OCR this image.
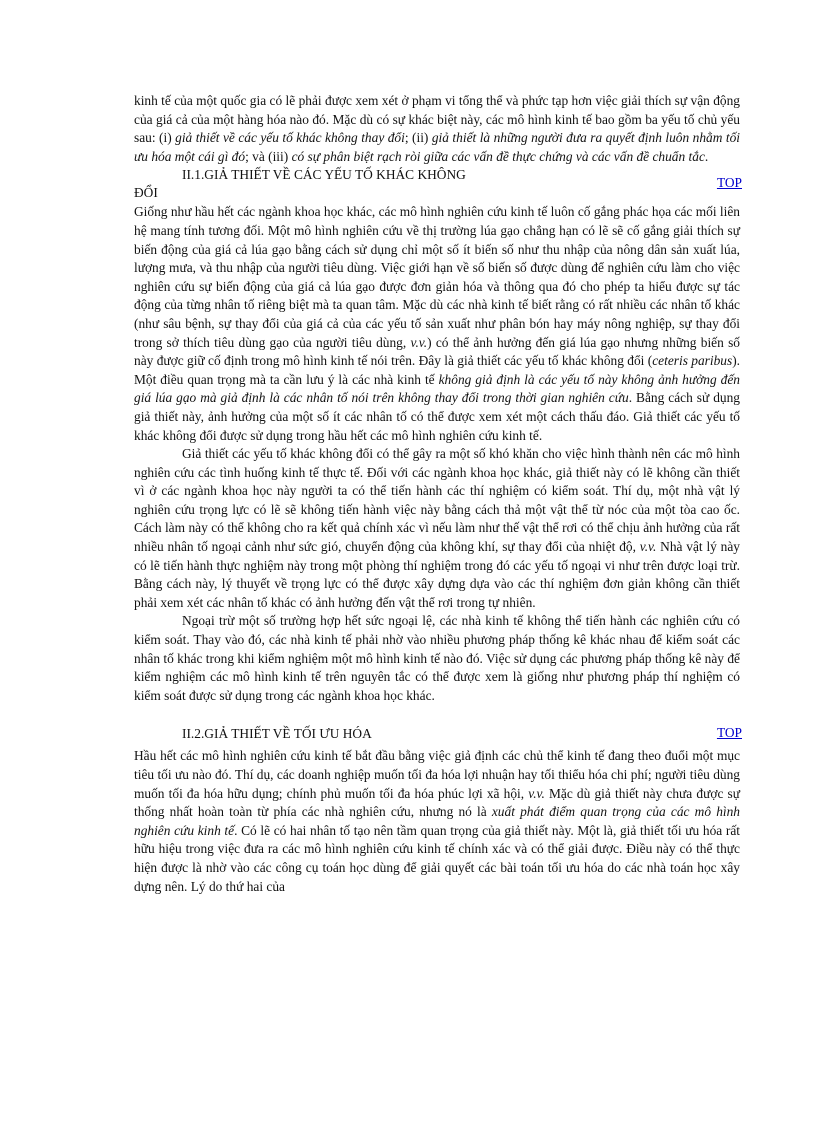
kinh tế của một quốc gia có lẽ phải được xem xét ở phạm vi tổng thể và phức tạp hơn việc giải thích sự vận động của giá cả của một hàng hóa nào đó. Mặc dù có sự khác biệt này, các mô hình kinh tế bao gồm ba yếu tố chủ yếu sau: (i) giả thiết về các yếu tố khác không thay đổi; (ii) giả thiết là những người đưa ra quyết định luôn nhằm tối ưu hóa một cái gì đó; và (iii) có sự phân biệt rạch ròi giữa các vấn đề thực chứng và các vấn đề chuẩn tắc.

II.1.GIẢ THIẾT VỀ CÁC YẾU TỐ KHÁC KHÔNG
ĐỔI
TOP

Giống như hầu hết các ngành khoa học khác, các mô hình nghiên cứu kinh tế luôn cố gắng phác họa các mối liên hệ mang tính tương đối. Một mô hình nghiên cứu về thị trường lúa gạo chẳng hạn có lẽ sẽ cố gắng giải thích sự biến động của giá cả lúa gạo bằng cách sử dụng chỉ một số ít biến số như thu nhập của nông dân sản xuất lúa, lượng mưa, và thu nhập của người tiêu dùng. Việc giới hạn về số biến số được dùng để nghiên cứu làm cho việc nghiên cứu sự biến động của giá cả lúa gạo được đơn giản hóa và thông qua đó cho phép ta hiểu được sự tác động của từng nhân tố riêng biệt mà ta quan tâm. Mặc dù các nhà kinh tế biết rằng có rất nhiều các nhân tố khác (như sâu bệnh, sự thay đổi của giá cả của các yếu tố sản xuất như phân bón hay máy nông nghiệp, sự thay đổi trong sở thích tiêu dùng gạo của người tiêu dùng, v.v.) có thể ảnh hưởng đến giá lúa gạo nhưng những biến số này được giữ cố định trong mô hình kinh tế nói trên. Đây là giả thiết các yếu tố khác không đổi (ceteris paribus). Một điều quan trọng mà ta cần lưu ý là các nhà kinh tế không giả định là các yếu tố này không ảnh hưởng đến giá lúa gạo mà giả định là các nhân tố nói trên không thay đổi trong thời gian nghiên cứu. Bằng cách sử dụng giả thiết này, ảnh hưởng của một số ít các nhân tố có thể được xem xét một cách thấu đáo. Giả thiết các yếu tố khác không đổi được sử dụng trong hầu hết các mô hình nghiên cứu kinh tế.

Giả thiết các yếu tố khác không đổi có thể gây ra một số khó khăn cho việc hình thành nên các mô hình nghiên cứu các tình huống kinh tế thực tế. Đối với các ngành khoa học khác, giả thiết này có lẽ không cần thiết vì ở các ngành khoa học này người ta có thể tiến hành các thí nghiệm có kiểm soát. Thí dụ, một nhà vật lý nghiên cứu trọng lực có lẽ sẽ không tiến hành việc này bằng cách thả một vật thể từ nóc của một tòa cao ốc. Cách làm này có thể không cho ra kết quả chính xác vì nếu làm như thế vật thể rơi có thể chịu ảnh hưởng của rất nhiều nhân tố ngoại cảnh như sức gió, chuyển động của không khí, sự thay đổi của nhiệt độ, v.v. Nhà vật lý này có lẽ tiến hành thực nghiệm này trong một phòng thí nghiệm trong đó các yếu tố ngoại vi như trên được loại trừ. Bằng cách này, lý thuyết về trọng lực có thể được xây dựng dựa vào các thí nghiệm đơn giản không cần thiết phải xem xét các nhân tố khác có ảnh hưởng đến vật thể rơi trong tự nhiên.

Ngoại trừ một số trường hợp hết sức ngoại lệ, các nhà kinh tế không thể tiến hành các nghiên cứu có kiểm soát. Thay vào đó, các nhà kinh tế phải nhờ vào nhiều phương pháp thống kê khác nhau để kiểm soát các nhân tố khác trong khi kiểm nghiệm một mô hình kinh tế nào đó. Việc sử dụng các phương pháp thống kê này để kiểm nghiệm các mô hình kinh tế trên nguyên tắc có thể được xem là giống như phương pháp thí nghiệm có kiểm soát được sử dụng trong các ngành khoa học khác.

II.2.GIẢ THIẾT VỀ TỐI ƯU HÓA	TOP

Hầu hết các mô hình nghiên cứu kinh tế bắt đầu bằng việc giả định các chủ thể kinh tế đang theo đuổi một mục tiêu tối ưu nào đó. Thí dụ, các doanh nghiệp muốn tối đa hóa lợi nhuận hay tối thiểu hóa chi phí; người tiêu dùng muốn tối đa hóa hữu dụng; chính phủ muốn tối đa hóa phúc lợi xã hội, v.v. Mặc dù giả thiết này chưa được sự thống nhất hoàn toàn từ phía các nhà nghiên cứu, nhưng nó là xuất phát điểm quan trọng của các mô hình nghiên cứu kinh tế. Có lẽ có hai nhân tố tạo nên tầm quan trọng của giả thiết này. Một là, giả thiết tối ưu hóa rất hữu hiệu trong việc đưa ra các mô hình nghiên cứu kinh tế chính xác và có thể giải được. Điều này có thể thực hiện được là nhờ vào các công cụ toán học dùng để giải quyết các bài toán tối ưu hóa do các nhà toán học xây dựng nên. Lý do thứ hai của
